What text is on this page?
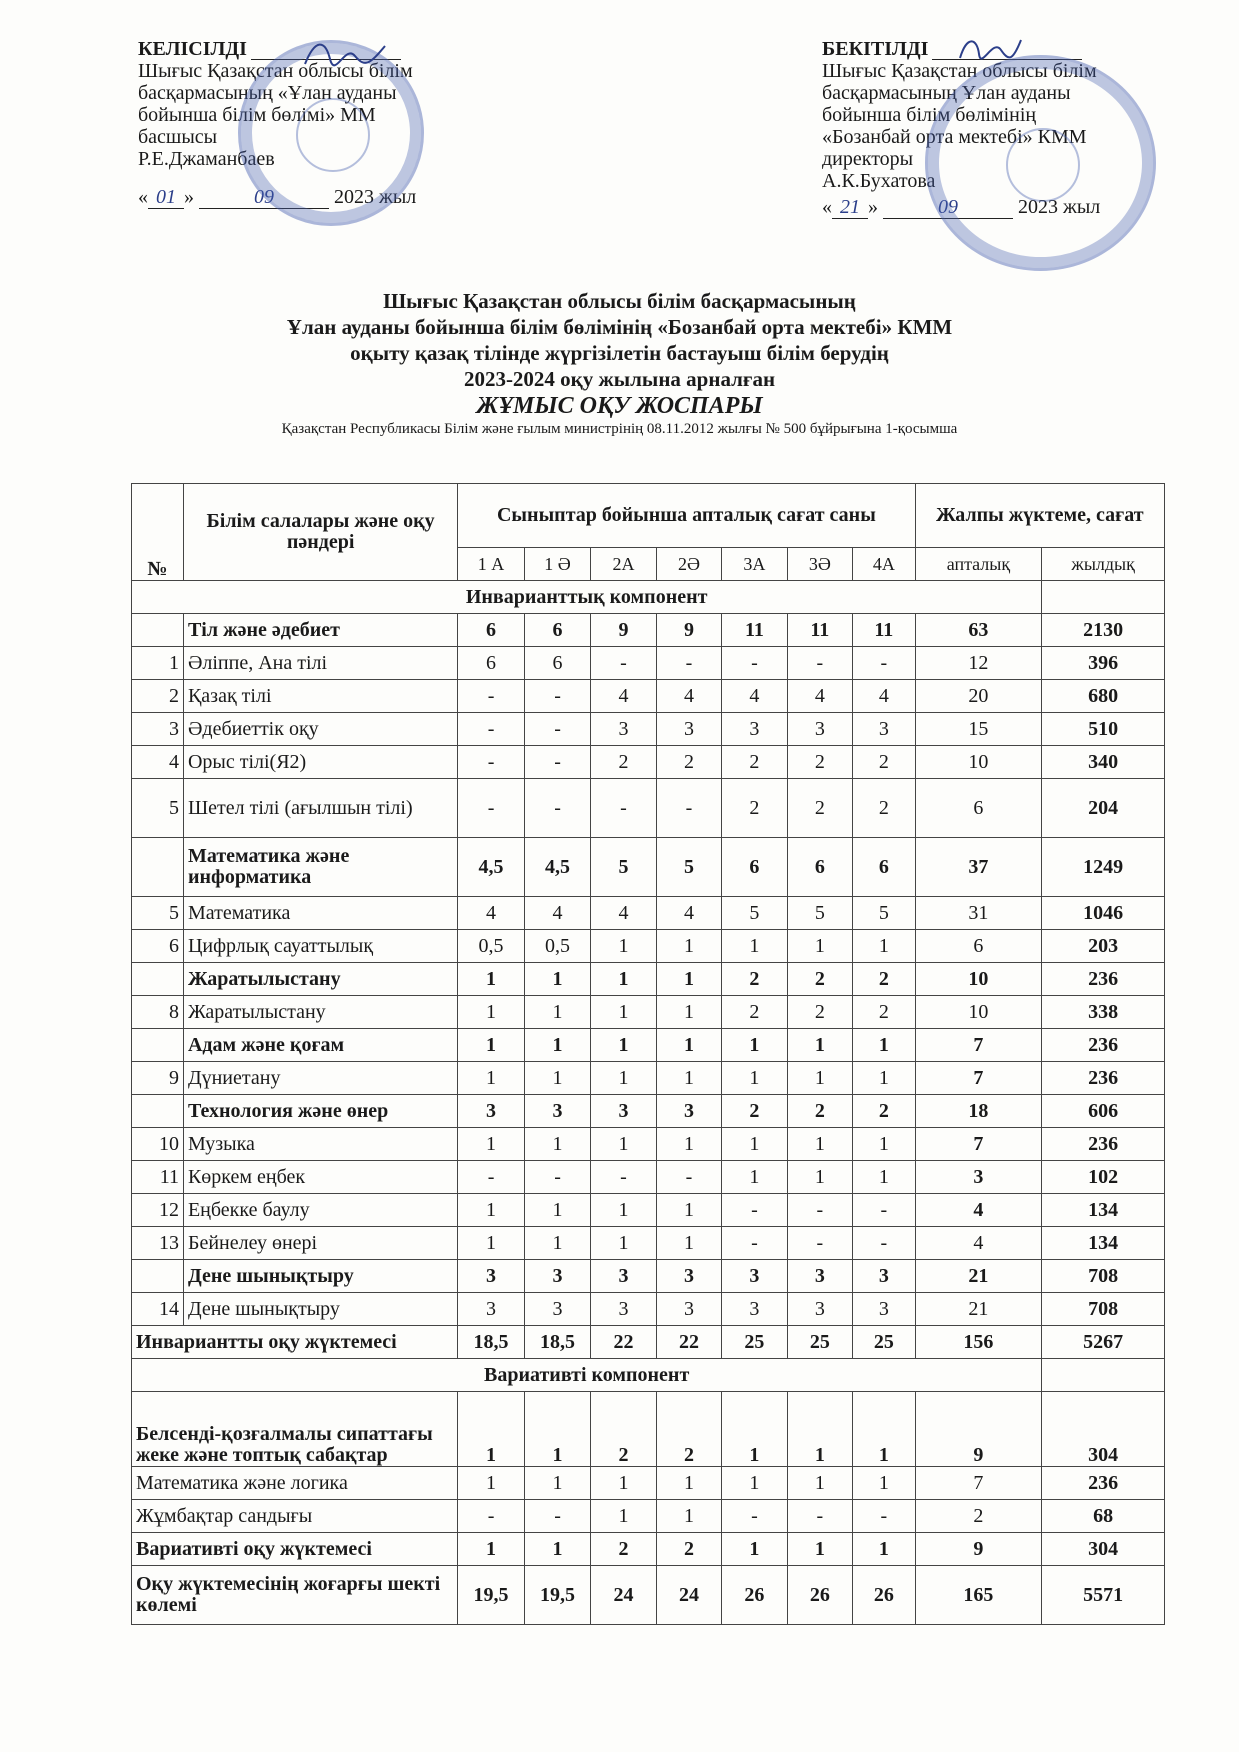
КЕЛІСІЛДІ
Шығыс Қазақстан облысы білім
басқармасының «Ұлан ауданы
бойынша білім бөлімі» ММ
басшысы
Р.Е.Джаманбаев
« 01 »	09	2023 жыл
БЕКІТІЛДІ
Шығыс Қазақстан облысы білім
басқармасының Ұлан ауданы
бойынша білім бөлімінің
«Бозанбай орта мектебі» КММ
директоры
А.К.Бухатова
« 21 »	09	2023 жыл
Шығыс Қазақстан облысы білім басқармасының
Ұлан ауданы бойынша білім бөлімінің «Бозанбай орта мектебі» КММ
оқыту қазақ тілінде жүргізілетін бастауыш білім берудің
2023-2024 оқу жылына арналған
ЖҰМЫС ОҚУ ЖОСПАРЫ
Қазақстан Республикасы Білім және ғылым министрінің 08.11.2012 жылғы № 500 бұйрығына 1-қосымша
№	Білім салалары және оқу пәндері	Сыныптар бойынша апталық сағат саны							Жалпы жүктеме, сағат	
		1 А	1 Ә	2А	2Ә	3А	3Ә	4А	апталық	жылдық
Инварианттық компонент										
	Тіл және әдебиет	6	6	9	9	11	11	11	63	2130
1	Әліппе, Ана тілі	6	6	-	-	-	-	-	12	396
2	Қазақ тілі	-	-	4	4	4	4	4	20	680
3	Әдебиеттік оқу	-	-	3	3	3	3	3	15	510
4	Орыс тілі(Я2)	-	-	2	2	2	2	2	10	340
5	Шетел тілі (ағылшын тілі)	-	-	-	-	2	2	2	6	204
	Математика және информатика	4,5	4,5	5	5	6	6	6	37	1249
5	Математика	4	4	4	4	5	5	5	31	1046
6	Цифрлық сауаттылық	0,5	0,5	1	1	1	1	1	6	203
	Жаратылыстану	1	1	1	1	2	2	2	10	236
8	Жаратылыстану	1	1	1	1	2	2	2	10	338
	Адам және қоғам	1	1	1	1	1	1	1	7	236
9	Дүниетану	1	1	1	1	1	1	1	7	236
	Технология және өнер	3	3	3	3	2	2	2	18	606
10	Музыка	1	1	1	1	1	1	1	7	236
11	Көркем еңбек	-	-	-	-	1	1	1	3	102
12	Еңбекке баулу	1	1	1	1	-	-	-	4	134
13	Бейнелеу өнері	1	1	1	1	-	-	-	4	134
	Дене шынықтыру	3	3	3	3	3	3	3	21	708
14	Дене шынықтыру	3	3	3	3	3	3	3	21	708
Инвариантты оқу жүктемесі		18,5	18,5	22	22	25	25	25	156	5267
Вариативті компонент										
Белсенді-қозғалмалы сипаттағы жеке және топтық сабақтар		1	1	2	2	1	1	1	9	304
Математика және логика		1	1	1	1	1	1	1	7	236
Жұмбақтар сандығы		-	-	1	1	-	-	-	2	68
Вариативті оқу жүктемесі		1	1	2	2	1	1	1	9	304
Оқу жүктемесінің жоғарғы шекті көлемі		19,5	19,5	24	24	26	26	26	165	5571
